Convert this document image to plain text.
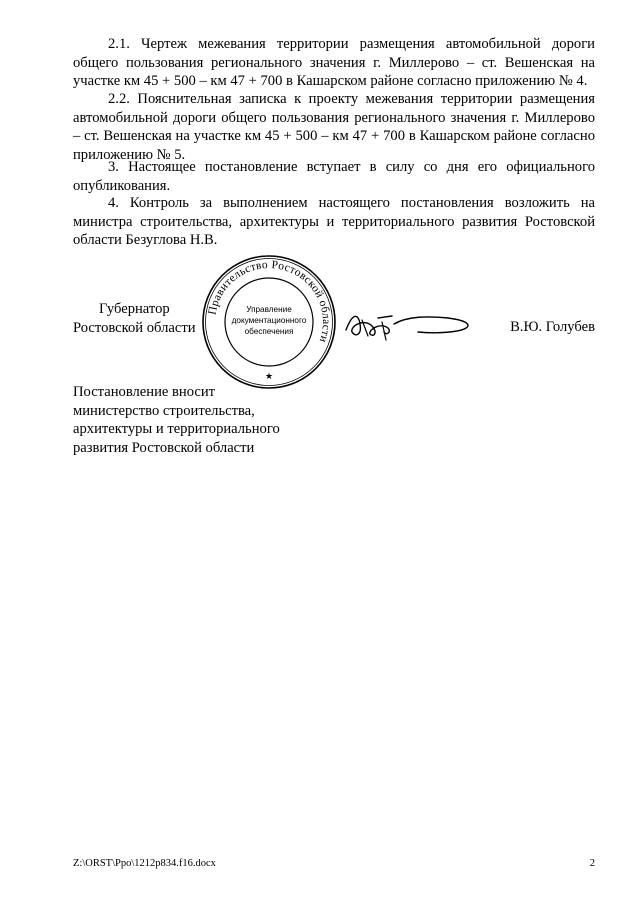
2.1. Чертеж межевания территории размещения автомобильной дороги общего пользования регионального значения г. Миллерово – ст. Вешенская на участке км 45 + 500 – км 47 + 700 в Кашарском районе согласно приложению № 4.

2.2. Пояснительная записка к проекту межевания территории размещения автомобильной дороги общего пользования регионального значения г. Миллерово – ст. Вешенская на участке км 45 + 500 – км 47 + 700 в Кашарском районе согласно приложению № 5.

3. Настоящее постановление вступает в силу со дня его официального опубликования.

4. Контроль за выполнением настоящего постановления возложить на министра строительства, архитектуры и территориального развития Ростовской области Безуглова Н.В.

Губернатор
Ростовской области
Правительство Ростовской области
Управление
документационного
обеспечения
★
В.Ю. Голубев
Постановление вносит
министерство строительства,
архитектуры и территориального
развития Ростовской области
Z:\ORST\Ppo\1212p834.f16.docx	2
